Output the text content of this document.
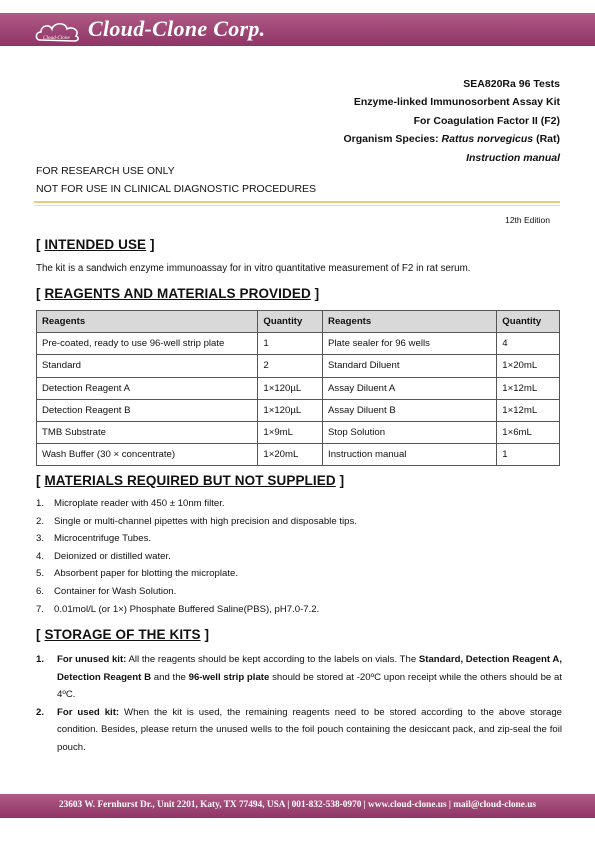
Cloud-Clone Cloud-Clone Corp.
SEA820Ra 96 Tests
Enzyme-linked Immunosorbent Assay Kit
For Coagulation Factor II (F2)
Organism Species: Rattus norvegicus (Rat)
Instruction manual
FOR RESEARCH USE ONLY
NOT FOR USE IN CLINICAL DIAGNOSTIC PROCEDURES
12th Edition
[ INTENDED USE ]
The kit is a sandwich enzyme immunoassay for in vitro quantitative measurement of F2 in rat serum.
[ REAGENTS AND MATERIALS PROVIDED ]
Reagents	Quantity	Reagents	Quantity
Pre-coated, ready to use 96-well strip plate	1	Plate sealer for 96 wells	4
Standard	2	Standard Diluent	1×20mL
Detection Reagent A	1×120µL	Assay Diluent A	1×12mL
Detection Reagent B	1×120µL	Assay Diluent B	1×12mL
TMB Substrate	1×9mL	Stop Solution	1×6mL
Wash Buffer (30 × concentrate)	1×20mL	Instruction manual	1
[ MATERIALS REQUIRED BUT NOT SUPPLIED ]
1.	Microplate reader with 450 ± 10nm filter.
2.	Single or multi-channel pipettes with high precision and disposable tips.
3.	Microcentrifuge Tubes.
4.	Deionized or distilled water.
5.	Absorbent paper for blotting the microplate.
6.	Container for Wash Solution.
7.	0.01mol/L (or 1×) Phosphate Buffered Saline(PBS), pH7.0-7.2.
[ STORAGE OF THE KITS ]
1.	For unused kit: All the reagents should be kept according to the labels on vials. The Standard, Detection Reagent A, Detection Reagent B and the 96-well strip plate should be stored at -20ºC upon receipt while the others should be at 4ºC.
2.	For used kit: When the kit is used, the remaining reagents need to be stored according to the above storage condition. Besides, please return the unused wells to the foil pouch containing the desiccant pack, and zip-seal the foil pouch.
23603 W. Fernhurst Dr., Unit 2201, Katy, TX 77494, USA | 001-832-538-0970 | www.cloud-clone.us | mail@cloud-clone.us
